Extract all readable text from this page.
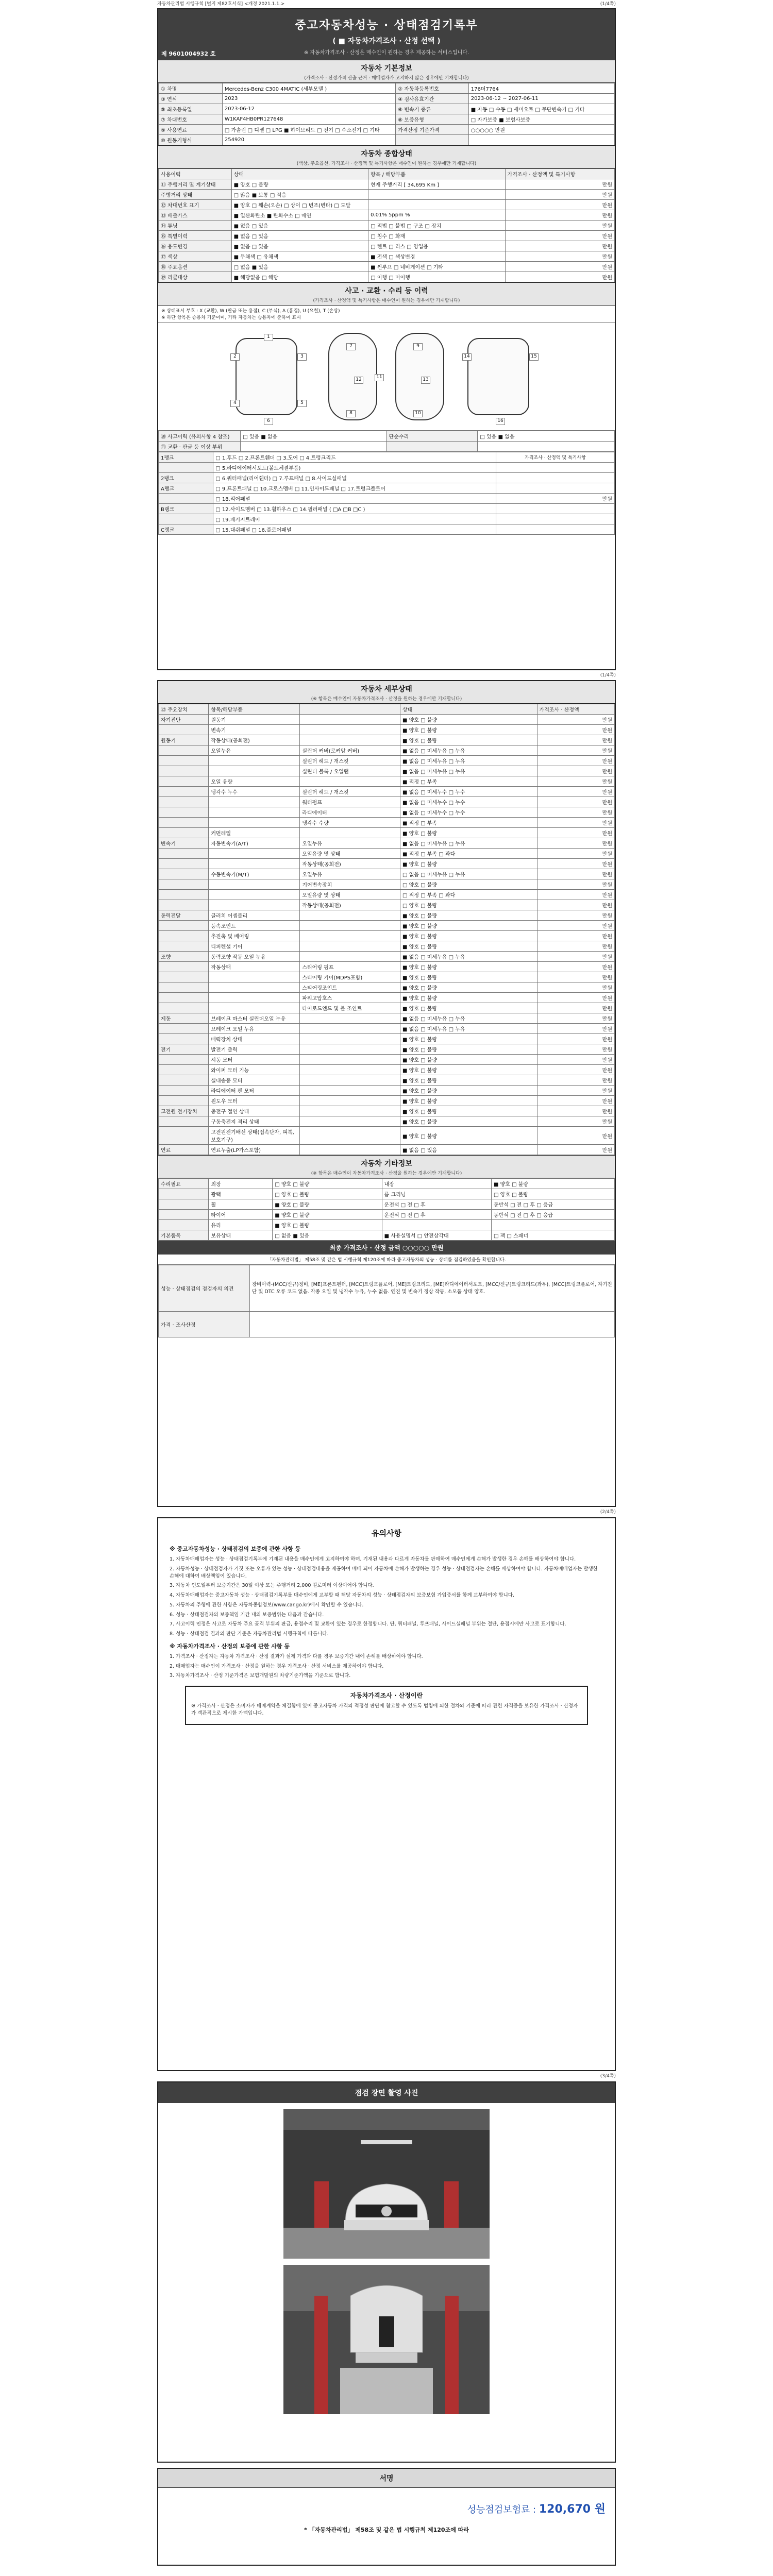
자동차관리법 시행규칙 [별지 제82호서식] <개정 2021.1.1.>	(1/4쪽)
중고자동차성능 · 상태점검기록부
( ■ 자동차가격조사 · 산정 선택 )
※ 자동차가격조사 · 산정은 매수인이 원하는 경우 제공하는 서비스입니다.
제 9601004932 호
자동차 기본정보
(가격조사 · 산정가격 산출 근거 · 매매업자가 고지하지 않은 경우에만 기재합니다)
① 차명	Mercedes-Benz C300 4MATIC (세부모델 )	② 자동차등록번호	176더7764
③ 연식	2023	④ 검사유효기간	2023-06-12 ~ 2027-06-11
⑤ 최초등록일	2023-06-12	⑥ 변속기 종류	■ 자동 □ 수동 □ 세미오토 □ 무단변속기 □ 기타
⑦ 차대번호	W1KAF4HB0PR127648	⑧ 보증유형	□ 자가보증 ■ 보험사보증
⑨ 사용연료	□ 가솔린 □ 디젤 □ LPG ■ 하이브리드 □ 전기 □ 수소전기 □ 기타	가격산정 기준가격	○○○○○ 만원
⑩ 원동기형식	254920		
자동차 종합상태
(색상, 주요옵션, 가격조사 · 산정액 및 특기사항은 매수인이 원하는 경우에만 기재합니다)
사용이력	상태	항목 / 해당부품	가격조사 · 산정액 및 특기사항
⑪ 주행거리 및 계기상태	■ 양호 □ 불량	현재 주행거리 [ 34,695 Km ]	만원
주행거리 상태	□ 많음 ■ 보통 □ 적음		만원
⑫ 차대번호 표기	■ 양호 □ 훼손(오손) □ 상이 □ 변조(변타) □ 도말		만원
⑬ 배출가스	■ 일산화탄소 ■ 탄화수소 □ 매연	0.01% 5ppm %	만원
⑭ 튜닝	■ 없음 □ 있음	□ 적법 □ 불법 □ 구조 □ 장치	만원
⑮ 특별이력	■ 없음 □ 있음	□ 침수 □ 화재	만원
⑯ 용도변경	■ 없음 □ 있음	□ 렌트 □ 리스 □ 영업용	만원
⑰ 색상	■ 무채색 □ 유채색	■ 전색 □ 색상변경	만원
⑱ 주요옵션	□ 없음 ■ 있음	■ 썬루프 □ 네비게이션 □ 기타	만원
⑲ 리콜대상	■ 해당없음 □ 해당	□ 이행 □ 미이행	만원
사고 · 교환 · 수리 등 이력
(가격조사 · 산정액 및 특기사항은 매수인이 원하는 경우에만 기재합니다)
※ 상태표시 부호 : X (교환), W (판금 또는 용접), C (부식), A (흠집), U (요철), T (손상)
※ 하단 항목은 승용차 기준이며, 기타 자동차는 승용차에 준하여 표시
1
2	3
4	5
6
7
8
9
10
11
12	13
14	15
16
⑳ 사고이력 (유의사항 4 참조)	□ 있음 ■ 없음	단순수리	□ 있음 ■ 없음
㉑ 교환 · 판금 등 이상 부위			
1랭크	□ 1.후드 □ 2.프론트휀더 □ 3.도어 □ 4.트렁크리드	가격조사 · 산정액 및 특기사항
	□ 5.라디에이터서포트(볼트체결부품)	
2랭크	□ 6.쿼터패널(리어휀더) □ 7.루프패널 □ 8.사이드실패널	
A랭크	□ 9.프론트패널 □ 10.크로스멤버 □ 11.인사이드패널 □ 17.트렁크플로어	
	□ 18.리어패널	만원
B랭크	□ 12.사이드멤버 □ 13.휠하우스 □ 14.필러패널 ( □A □B □C )	
	□ 19.패키지트레이	
C랭크	□ 15.대쉬패널 □ 16.플로어패널	
(1/4쪽)
자동차 세부상태
(※ 항목은 매수인이 자동차가격조사 · 산정을 원하는 경우에만 기재합니다)
㉒ 주요장치	항목/해당부품		상태	가격조사 · 산정액
자기진단	원동기		■ 양호 □ 불량	만원
	변속기		■ 양호 □ 불량	만원
원동기	작동상태(공회전)		■ 양호 □ 불량	만원
	오일누유	실린더 커버(로커암 커버)	■ 없음 □ 미세누유 □ 누유	만원
		실린더 헤드 / 개스킷	■ 없음 □ 미세누유 □ 누유	만원
		실린더 블록 / 오일팬	■ 없음 □ 미세누유 □ 누유	만원
	오일 유량		■ 적정 □ 부족	만원
	냉각수 누수	실린더 헤드 / 개스킷	■ 없음 □ 미세누수 □ 누수	만원
		워터펌프	■ 없음 □ 미세누수 □ 누수	만원
		라디에이터	■ 없음 □ 미세누수 □ 누수	만원
		냉각수 수량	■ 적정 □ 부족	만원
	커먼레일		■ 양호 □ 불량	만원
변속기	자동변속기(A/T)	오일누유	■ 없음 □ 미세누유 □ 누유	만원
		오일유량 및 상태	■ 적정 □ 부족 □ 과다	만원
		작동상태(공회전)	■ 양호 □ 불량	만원
	수동변속기(M/T)	오일누유	□ 없음 □ 미세누유 □ 누유	만원
		기어변속장치	□ 양호 □ 불량	만원
		오일유량 및 상태	□ 적정 □ 부족 □ 과다	만원
		작동상태(공회전)	□ 양호 □ 불량	만원
동력전달	클러치 어셈블리		■ 양호 □ 불량	만원
	등속조인트		■ 양호 □ 불량	만원
	추진축 및 베어링		■ 양호 □ 불량	만원
	디퍼렌셜 기어		■ 양호 □ 불량	만원
조향	동력조향 작동 오일 누유		■ 없음 □ 미세누유 □ 누유	만원
	작동상태	스티어링 펌프	■ 양호 □ 불량	만원
		스티어링 기어(MDPS포함)	■ 양호 □ 불량	만원
		스티어링조인트	■ 양호 □ 불량	만원
		파워고압호스	■ 양호 □ 불량	만원
		타이로드엔드 및 볼 조인트	■ 양호 □ 불량	만원
제동	브레이크 마스터 실린더오일 누유		■ 없음 □ 미세누유 □ 누유	만원
	브레이크 오일 누유		■ 없음 □ 미세누유 □ 누유	만원
	배력장치 상태		■ 양호 □ 불량	만원
전기	발전기 출력		■ 양호 □ 불량	만원
	시동 모터		■ 양호 □ 불량	만원
	와이퍼 모터 기능		■ 양호 □ 불량	만원
	실내송풍 모터		■ 양호 □ 불량	만원
	라디에이터 팬 모터		■ 양호 □ 불량	만원
	윈도우 모터		■ 양호 □ 불량	만원
고전원 전기장치	충전구 절연 상태		■ 양호 □ 불량	만원
	구동축전지 격리 상태		■ 양호 □ 불량	만원
	고전원전기배선 상태(접속단자, 피복, 보호기구)		■ 양호 □ 불량	만원
연료	연료누출(LP가스포함)		■ 없음 □ 있음	만원
자동차 기타정보
(※ 항목은 매수인이 자동차가격조사 · 산정을 원하는 경우에만 기재합니다)
수리필요	외장	□ 양호 □ 불량	내장	■ 양호 □ 불량
	광택	□ 양호 □ 불량	룸 크리닝	□ 양호 □ 불량
	휠	■ 양호 □ 불량	운전석 □ 전 □ 후	동반석 □ 전 □ 후 □ 응급
	타이어	■ 양호 □ 불량	운전석 □ 전 □ 후	동반석 □ 전 □ 후 □ 응급
	유리	■ 양호 □ 불량		
기본품목	보유상태	□ 없음 ■ 있음	■ 사용설명서 □ 안전삼각대	□ 잭 □ 스패너
최종 가격조사 · 산정 금액 ○○○○○ 만원
「자동차관리법」 제58조 및 같은 법 시행규칙 제120조에 따라 중고자동차의 성능 · 상태를 점검하였음을 확인합니다.
성능 · 상태점검의 점검자의 의견	장비이력-(MCC/신규)정비, [ME]프론트펜더, [MCC]트렁크플로어, [ME]트렁크리드, [ME]라디에이터서포트, [MCC/신규]트렁크리드(좌우), [MCC]트렁크플로어, 자기진단 및 DTC 오류 코드 없음. 각종 오일 및 냉각수 누유, 누수 없음. 엔진 및 변속기 정상 작동, 소모품 상태 양호.
가격 · 조사산정	
(2/4쪽)
유의사항
※ 중고자동차성능 · 상태점검의 보증에 관한 사항 등

1. 자동차매매업자는 성능 · 상태점검기록부에 기재된 내용을 매수인에게 고지하여야 하며, 기재된 내용과 다르게 자동차를 판매하여 매수인에게 손해가 발생한 경우 손해를 배상하여야 합니다.

2. 자동차성능 · 상태점검자가 거짓 또는 오류가 있는 성능 · 상태점검내용을 제공하여 매매 되어 자동차에 손해가 발생하는 경우 성능 · 상태점검자는 손해를 배상하여야 합니다. 자동차매매업자는 발생한 손해에 대하여 배상책임이 있습니다.

3. 자동차 인도일부터 보증기간은 30일 이상 또는 주행거리 2,000 킬로미터 이상이어야 합니다.

4. 자동차매매업자는 중고자동차 성능 · 상태점검기록부를 매수인에게 교부할 때 해당 자동차의 성능 · 상태점검자의 보증보험 가입증서를 함께 교부하여야 합니다.

5. 자동차의 주행에 관한 사항은 자동차종합정보(www.car.go.kr)에서 확인할 수 있습니다.

6. 성능 · 상태점검자의 보증책임 기간 내의 보증범위는 다음과 같습니다.

7. 사고이력 인정은 사고로 자동차 주요 골격 부위의 판금, 용접수리 및 교환이 있는 경우로 한정합니다. 단, 쿼터패널, 루프패널, 사이드실패널 부위는 절단, 용접시에만 사고로 표기합니다.

8. 성능 · 상태점검 결과의 판단 기준은 자동차관리법 시행규칙에 따릅니다.

※ 자동차가격조사 · 산정의 보증에 관한 사항 등

1. 가격조사 · 산정자는 자동차 가격조사 · 산정 결과가 실제 가격과 다를 경우 보증기간 내에 손해를 배상하여야 합니다.

2. 매매업자는 매수인이 가격조사 · 산정을 원하는 경우 가격조사 · 산정 서비스를 제공하여야 합니다.

3. 자동차가격조사 · 산정 기준가격은 보험개발원의 차량기준가액을 기준으로 합니다.

자동차가격조사 · 산정이란

※ 가격조사 · 산정은 소비자가 매매계약을 체결함에 있어 중고자동차 가격의 적정성 판단에 참고할 수 있도록 법령에 의한 절차와 기준에 따라 관련 자격증을 보유한 가격조사 · 산정자가 객관적으로 제시한 가액입니다.

(3/4쪽)
점검 장면 촬영 사진
서명
성능점검보험료 : 120,670 원
* 「자동차관리법」 제58조 및 같은 법 시행규칙 제120조에 따라
